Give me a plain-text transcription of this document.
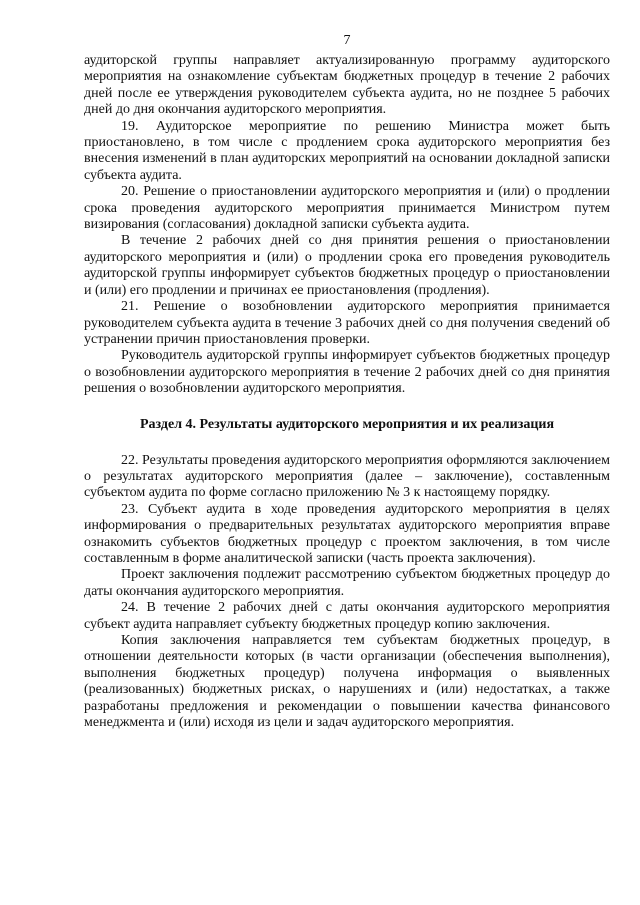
7

аудиторской группы направляет актуализированную программу аудиторского мероприятия на ознакомление субъектам бюджетных процедур в течение 2 рабочих дней после ее утверждения руководителем субъекта аудита, но не позднее 5 рабочих дней до дня окончания аудиторского мероприятия.

19. Аудиторское мероприятие по решению Министра может быть приостановлено, в том числе с продлением срока аудиторского мероприятия без внесения изменений в план аудиторских мероприятий на основании докладной записки субъекта аудита.

20. Решение о приостановлении аудиторского мероприятия и (или) о продлении срока проведения аудиторского мероприятия принимается Министром путем визирования (согласования) докладной записки субъекта аудита.

В течение 2 рабочих дней со дня принятия решения о приостановлении аудиторского мероприятия и (или) о продлении срока его проведения руководитель аудиторской группы информирует субъектов бюджетных процедур о приостановлении и (или) его продлении и причинах ее приостановления (продления).

21. Решение о возобновлении аудиторского мероприятия принимается руководителем субъекта аудита в течение 3 рабочих дней со дня получения сведений об устранении причин приостановления проверки.

Руководитель аудиторской группы информирует субъектов бюджетных процедур о возобновлении аудиторского мероприятия в течение 2 рабочих дней со дня принятия решения о возобновлении аудиторского мероприятия.

Раздел 4. Результаты аудиторского мероприятия и их реализация

22. Результаты проведения аудиторского мероприятия оформляются заключением о результатах аудиторского мероприятия (далее – заключение), составленным субъектом аудита по форме согласно приложению № 3 к настоящему порядку.

23. Субъект аудита в ходе проведения аудиторского мероприятия в целях информирования о предварительных результатах аудиторского мероприятия вправе ознакомить субъектов бюджетных процедур с проектом заключения, в том числе составленным в форме аналитической записки (часть проекта заключения).

Проект заключения подлежит рассмотрению субъектом бюджетных процедур до даты окончания аудиторского мероприятия.

24. В течение 2 рабочих дней с даты окончания аудиторского мероприятия субъект аудита направляет субъекту бюджетных процедур копию заключения.

Копия заключения направляется тем субъектам бюджетных процедур, в отношении деятельности которых (в части организации (обеспечения выполнения), выполнения бюджетных процедур) получена информация о выявленных (реализованных) бюджетных рисках, о нарушениях и (или) недостатках, а также разработаны предложения и рекомендации о повышении качества финансового менеджмента и (или) исходя из цели и задач аудиторского мероприятия.
